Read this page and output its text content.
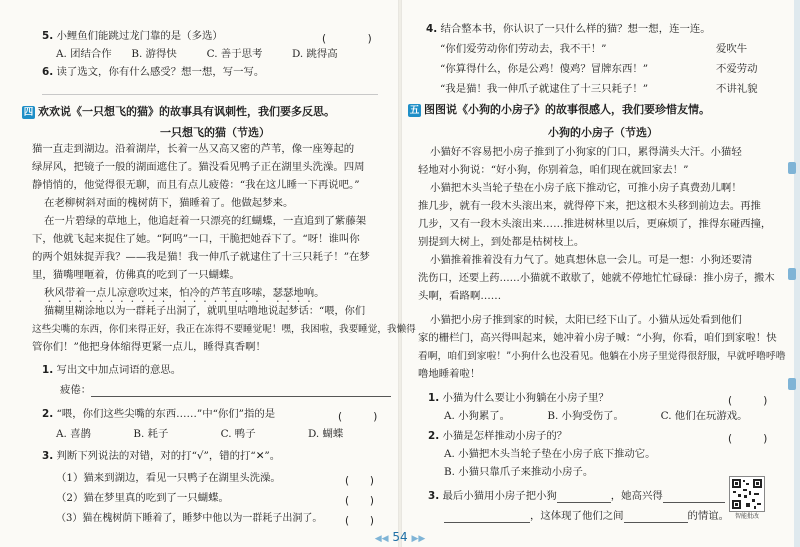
5. 小鲤鱼们能跳过龙门靠的是（多选）	(　　　　)
A. 团结合作 B. 游得快	C. 善于思考	D. 跳得高
6. 读了选文，你有什么感受？想一想，写一写。
四 欢欢说《一只想飞的猫》的故事具有讽刺性，我们要多反思。
一只想飞的猫（节选）
猫一直走到湖边。沿着湖岸，长着一丛又高又密的芦苇，像一座筹起的
绿屏风，把镜子一般的湖面遮住了。猫没看见鸭子正在湖里头洗澡。四周
静悄悄的，他觉得很无聊，而且有点儿疲倦：“我在这儿睡一下再说吧。”
在老柳树斜对面的槐树荫下，猫睡着了。他做起梦来。
在一片碧绿的草地上，他追赶着一只漂亮的红蝴蝶，一直追到了紫藤架
下，他就飞起来捉住了她。“阿呜”一口，干脆把她吞下了。“呀！谁叫你
的两个姐妹捉弄我？——我是猫！我一伸爪子就逮住了十三只耗子！”在梦
里，猫嘴哩咂着，仿佛真的吃到了一只蝴蝶。
秋风带着一点儿凉意吹过来，怕冷的芦苇直哆嗦，瑟瑟地响。
猫糊里糊涂地以为一群耗子出洞了，就叽里咕噜地说起梦话：“喂，你们
这些尖嘴的东西，你们来得正好，我正在冻得不要睡觉呢！嘿，我困啦，我要睡觉，我懒得
管你们！”他把身体缩得更紧一点儿，睡得真香啊！
1. 写出文中加点词语的意思。
疲倦：
2. “喂，你们这些尖嘴的东西……”中“你们”指的是	(　　　)
A. 喜鹊	B. 耗子	C. 鸭子	D. 蝴蝶
3. 判断下列说法的对错，对的打“√”，错的打“✕”。
（1）猫来到湖边，看见一只鸭子在湖里头洗澡。	(　　)
（2）猫在梦里真的吃到了一只蝴蝶。	(　　)
（3）猫在槐树荫下睡着了，睡梦中他以为一群耗子出洞了。 (　　)
4. 结合整本书，你认识了一只什么样的猫？想一想，连一连。
“你们爱劳动你们劳动去，我不干！”	爱吹牛
“你算得什么，你是公鸡！傻鸡？冒牌东西！”	不爱劳动
“我是猫！我一伸爪子就逮住了十三只耗子！”	不讲礼貌
五 图图说《小狗的小房子》的故事很感人，我们要珍惜友情。
小狗的小房子（节选）
小猫好不容易把小房子推到了小狗家的门口，累得满头大汗。小猫轻
轻地对小狗说：“好小狗，你别着急，咱们现在就回家去！”
小猫把木头当轮子垫在小房子底下推动它，可推小房子真费劲儿啊！
推几步，就有一段木头滚出来，就得停下来，把这根木头移到前边去。再推
几步，又有一段木头滚出来……推进树林里以后，更麻烦了，推得东碰西撞，
别提到大树上，到处都是枯树枝上。
小猫推着推着没有力气了。她真想休息一会儿。可是一想：小狗还要清
洗伤口，还要上药……小猫就不敢歇了，她就不停地忙忙碌碌：推小房子，搬木
头啊，看路啊……
小猫把小房子推到家的时候，太阳已经下山了。小猫从远处看到他们
家的栅栏门，高兴得叫起来，她冲着小房子喊：“小狗，你看，咱们到家啦！快
看啊，咱们到家啦！”小狗什么也没看见。他躺在小房子里觉得很舒服，早就呼噜呼噜
噜地睡着啦！
1. 小猫为什么要让小狗躺在小房子里？	(　　　)
A. 小狗累了。	B. 小狗受伤了。	C. 他们在玩游戏。
2. 小猫是怎样推动小房子的？	(　　　)
A. 小猫把木头当轮子垫在小房子底下推动它。
B. 小猫只靠爪子来推动小房子。
3. 最后小猫用小房子把小狗	，她高兴得
，这体现了他们之间	的情谊。 智能批改
◀◀ 54 ▶▶
